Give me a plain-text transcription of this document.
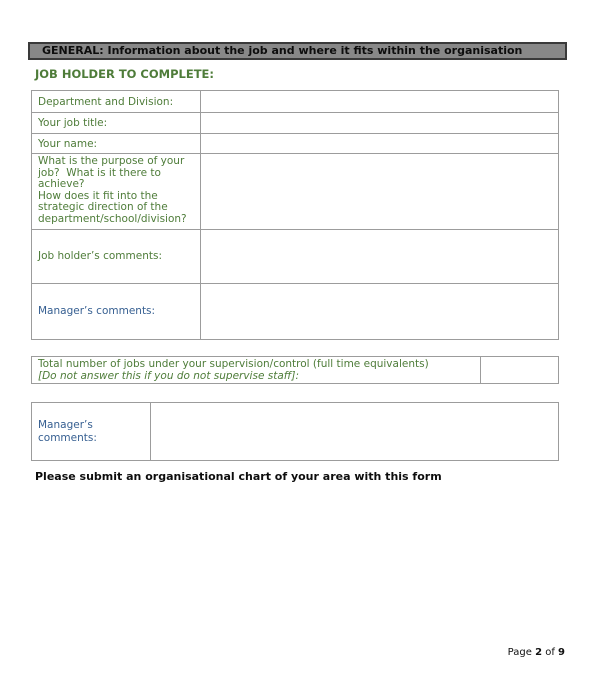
GENERAL: Information about the job and where it fits within the organisation
JOB HOLDER TO COMPLETE:
Department and Division:	
Your job title:	
Your name:	

What is the purpose of your job?  What is it there to achieve?
How does it fit into the strategic direction of the department/school/division?	

Job holder’s comments:	
Manager’s comments:	
Total number of jobs under your supervision/control (full time equivalents)
[Do not answer this if you do not supervise staff]:

Manager’s comments:	
Please submit an organisational chart of your area with this form
Page 2 of 9
